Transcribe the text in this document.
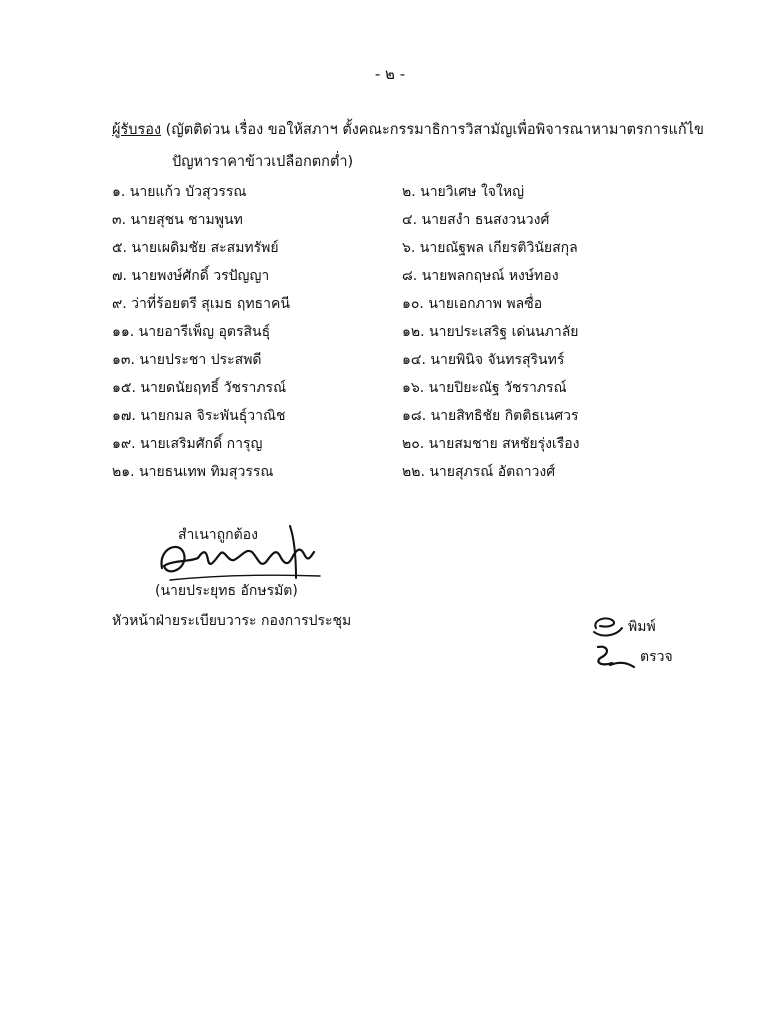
- ๒ -
ผู้รับรอง (ญัตติด่วน เรื่อง ขอให้สภาฯ ตั้งคณะกรรมาธิการวิสามัญเพื่อพิจารณาหามาตรการแก้ไข
ปัญหาราคาข้าวเปลือกตกต่ำ)
๑. นายแก้ว บัวสุวรรณ	๒. นายวิเศษ ใจใหญ่
๓. นายสุชน ชามพูนท	๔. นายสงำ ธนสงวนวงศ์
๕. นายเผดิมชัย สะสมทรัพย์	๖. นายณัฐพล เกียรติวินัยสกุล
๗. นายพงษ์ศักดิ์ วรปัญญา	๘. นายพลกฤษณ์ หงษ์ทอง
๙. ว่าที่ร้อยตรี สุเมธ ฤทธาคนี	๑๐. นายเอกภาพ พลซื่อ
๑๑. นายอารีเพ็ญ อุตรสินธุ์	๑๒. นายประเสริฐ เด่นนภาลัย
๑๓. นายประชา ประสพดี	๑๔. นายพินิจ จันทรสุรินทร์
๑๕. นายดนัยฤทธิ์ วัชราภรณ์	๑๖. นายปิยะณัฐ วัชราภรณ์
๑๗. นายกมล จิระพันธุ์วาณิช	๑๘. นายสิทธิชัย กิตติธเนศวร
๑๙. นายเสริมศักดิ์ การุญ	๒๐. นายสมชาย สหชัยรุ่งเรือง
๒๑. นายธนเทพ ทิมสุวรรณ	๒๒. นายสุภรณ์ อัตถาวงศ์
สำเนาถูกต้อง
(นายประยุทธ อักษรมัต)
หัวหน้าฝ่ายระเบียบวาระ กองการประชุม	พิมพ์
ตรวจ
